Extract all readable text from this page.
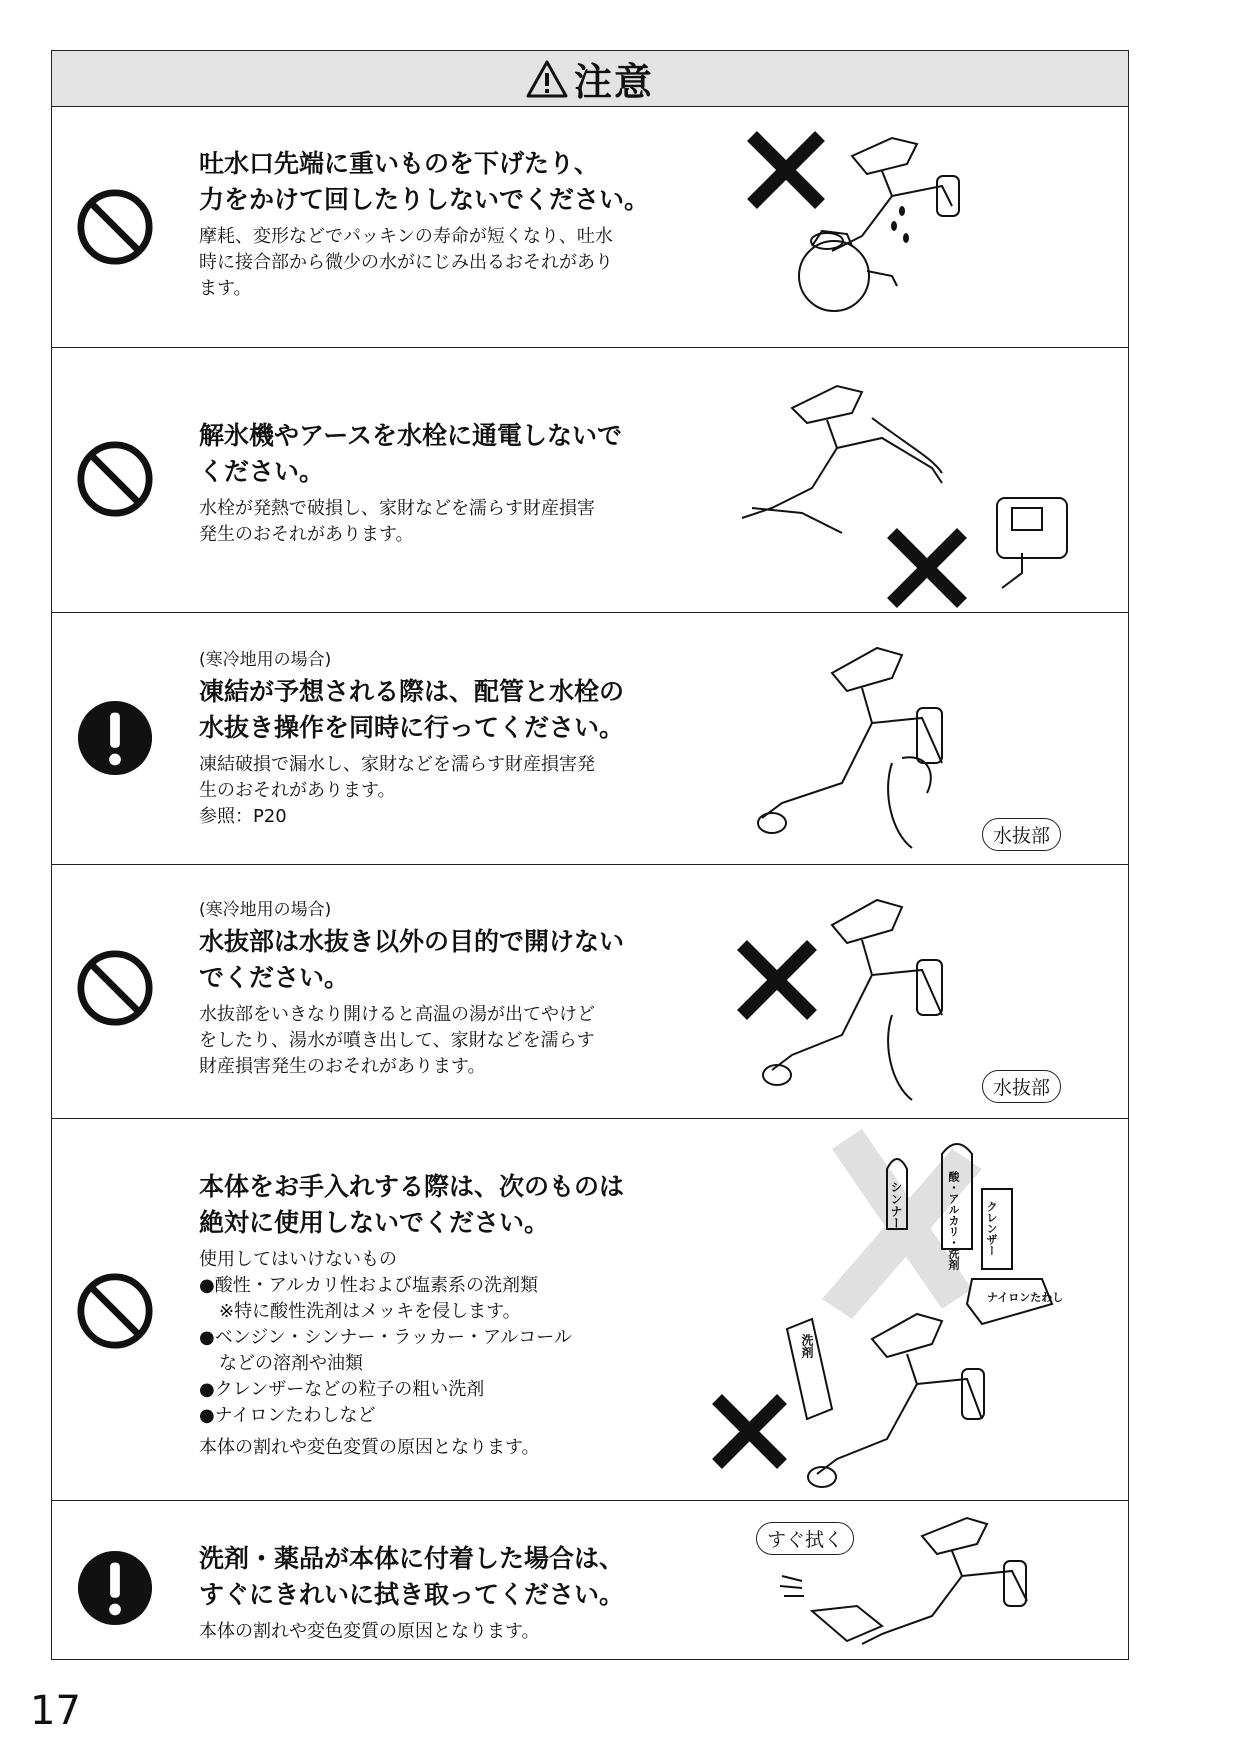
注意

吐水口先端に重いものを下げたり、
力をかけて回したりしないでください。

摩耗、変形などでパッキンの寿命が短くなり、吐水
時に接合部から微少の水がにじみ出るおそれがあり
ます。

解氷機やアースを水栓に通電しないで
ください。

水栓が発熱で破損し、家財などを濡らす財産損害
発生のおそれがあります。

(寒冷地用の場合)

凍結が予想される際は、配管と水栓の
水抜き操作を同時に行ってください。

凍結破損で漏水し、家財などを濡らす財産損害発
生のおそれがあります。
参照：P20

水抜部

(寒冷地用の場合)

水抜部は水抜き以外の目的で開けない
でください。

水抜部をいきなり開けると高温の湯が出てやけど
をしたり、湯水が噴き出して、家財などを濡らす
財産損害発生のおそれがあります。

水抜部

本体をお手入れする際は、次のものは
絶対に使用しないでください。

使用してはいけないもの

●酸性・アルカリ性および塩素系の洗剤類
※特に酸性洗剤はメッキを侵します。
●ベンジン・シンナー・ラッカー・アルコール
などの溶剤や油類
●クレンザーなどの粒子の粗い洗剤
●ナイロンたわしなど

本体の割れや変色変質の原因となります。

シンナー	酸・アルカリ・洗剤 クレンザー
ナイロンたわし
洗剤

洗剤・薬品が本体に付着した場合は、
すぐにきれいに拭き取ってください。

本体の割れや変色変質の原因となります。

すぐ拭く
17
